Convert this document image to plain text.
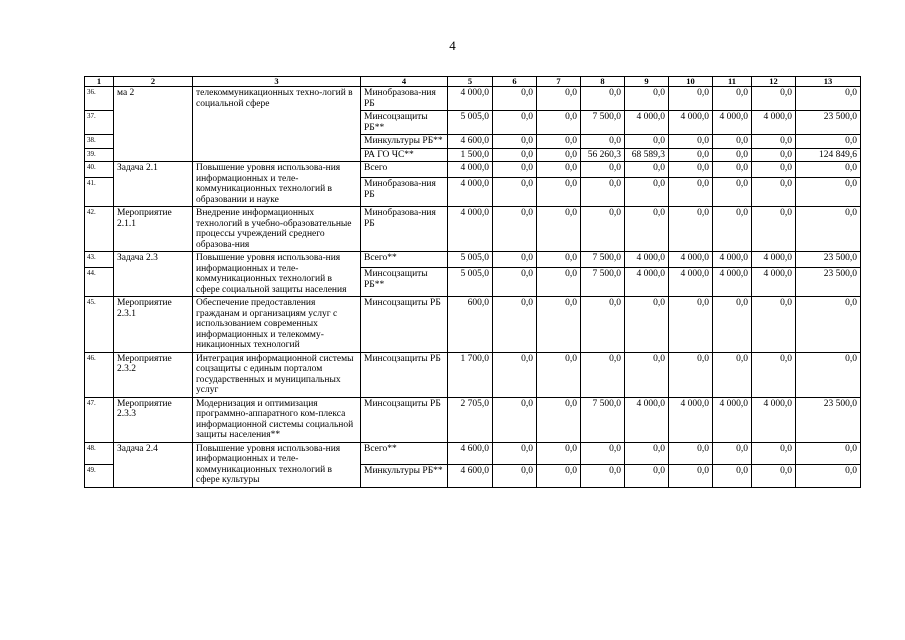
4
1	2	3	4	5	6	7	8	9	10	11	12	13
36.	ма 2	телекоммуникационных техно-логий в социальной сфере	Минобразова-ния РБ	4 000,0	0,0	0,0	0,0	0,0	0,0	0,0	0,0	0,0
37.			Минсоцзащиты РБ**	5 005,0	0,0	0,0	7 500,0	4 000,0	4 000,0	4 000,0	4 000,0	23 500,0
38.			Минкультуры РБ**	4 600,0	0,0	0,0	0,0	0,0	0,0	0,0	0,0	0,0
39.			РА ГО ЧС**	1 500,0	0,0	0,0	56 260,3	68 589,3	0,0	0,0	0,0	124 849,6
40.	Задача 2.1	Повышение уровня использова-ния информационных и теле-коммуникационных технологий в образовании и науке	Всего	4 000,0	0,0	0,0	0,0	0,0	0,0	0,0	0,0	0,0
41.			Минобразова-ния РБ	4 000,0	0,0	0,0	0,0	0,0	0,0	0,0	0,0	0,0
42.	Мероприятие 2.1.1	Внедрение информационных технологий в учебно-образовательные процессы учреждений среднего образова-ния	Минобразова-ния РБ	4 000,0	0,0	0,0	0,0	0,0	0,0	0,0	0,0	0,0
43.	Задача 2.3	Повышение уровня использова-ния информационных и теле-коммуникационных технологий в сфере социальной защиты населения	Всего**	5 005,0	0,0	0,0	7 500,0	4 000,0	4 000,0	4 000,0	4 000,0	23 500,0
44.			Минсоцзащиты РБ**	5 005,0	0,0	0,0	7 500,0	4 000,0	4 000,0	4 000,0	4 000,0	23 500,0
45.	Мероприятие 2.3.1	Обеспечение предоставления гражданам и организациям услуг с использованием современных информационных и телекомму-никационных технологий	Минсоцзащиты РБ	600,0	0,0	0,0	0,0	0,0	0,0	0,0	0,0	0,0
46.	Мероприятие 2.3.2	Интеграция информационной системы соцзащиты с единым порталом государственных и муниципальных услуг	Минсоцзащиты РБ	1 700,0	0,0	0,0	0,0	0,0	0,0	0,0	0,0	0,0
47.	Мероприятие 2.3.3	Модернизация и оптимизация программно-аппаратного ком-плекса информационной системы социальной защиты населения**	Минсоцзащиты РБ	2 705,0	0,0	0,0	7 500,0	4 000,0	4 000,0	4 000,0	4 000,0	23 500,0
48.	Задача 2.4	Повышение уровня использова-ния информационных и теле-коммуникационных технологий в сфере культуры	Всего**	4 600,0	0,0	0,0	0,0	0,0	0,0	0,0	0,0	0,0
49.			Минкультуры РБ**	4 600,0	0,0	0,0	0,0	0,0	0,0	0,0	0,0	0,0
